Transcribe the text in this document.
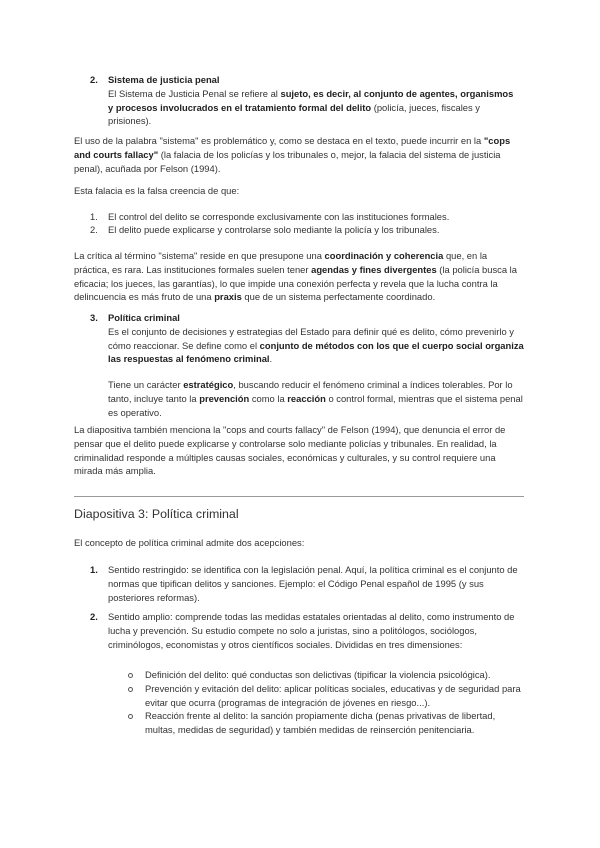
2. Sistema de justicia penal

El Sistema de Justicia Penal se refiere al sujeto, es decir, al conjunto de agentes, organismos y procesos involucrados en el tratamiento formal del delito (policía, jueces, fiscales y prisiones).

El uso de la palabra "sistema" es problemático y, como se destaca en el texto, puede incurrir en la "cops and courts fallacy" (la falacia de los policías y los tribunales o, mejor, la falacia del sistema de justicia penal), acuñada por Felson (1994).

Esta falacia es la falsa creencia de que:

1. El control del delito se corresponde exclusivamente con las instituciones formales.

2. El delito puede explicarse y controlarse solo mediante la policía y los tribunales.

La crítica al término "sistema" reside en que presupone una coordinación y coherencia que, en la práctica, es rara. Las instituciones formales suelen tener agendas y fines divergentes (la policía busca la eficacia; los jueces, las garantías), lo que impide una conexión perfecta y revela que la lucha contra la delincuencia es más fruto de una praxis que de un sistema perfectamente coordinado.

3. Política criminal

Es el conjunto de decisiones y estrategias del Estado para definir qué es delito, cómo prevenirlo y cómo reaccionar. Se define como el conjunto de métodos con los que el cuerpo social organiza las respuestas al fenómeno criminal.

Tiene un carácter estratégico, buscando reducir el fenómeno criminal a índices tolerables. Por lo tanto, incluye tanto la prevención como la reacción o control formal, mientras que el sistema penal es operativo.

La diapositiva también menciona la "cops and courts fallacy" de Felson (1994), que denuncia el error de pensar que el delito puede explicarse y controlarse solo mediante policías y tribunales. En realidad, la criminalidad responde a múltiples causas sociales, económicas y culturales, y su control requiere una mirada más amplia.

Diapositiva 3: Política criminal

El concepto de política criminal admite dos acepciones:

1. Sentido restringido: se identifica con la legislación penal. Aquí, la política criminal es el conjunto de normas que tipifican delitos y sanciones. Ejemplo: el Código Penal español de 1995 (y sus posteriores reformas).

2. Sentido amplio: comprende todas las medidas estatales orientadas al delito, como instrumento de lucha y prevención. Su estudio compete no solo a juristas, sino a politólogos, sociólogos, criminólogos, economistas y otros científicos sociales. Divididas en tres dimensiones:

Definición del delito: qué conductas son delictivas (tipificar la violencia psicológica).

Prevención y evitación del delito: aplicar políticas sociales, educativas y de seguridad para evitar que ocurra (programas de integración de jóvenes en riesgo...).

Reacción frente al delito: la sanción propiamente dicha (penas privativas de libertad, multas, medidas de seguridad) y también medidas de reinserción penitenciaria.
